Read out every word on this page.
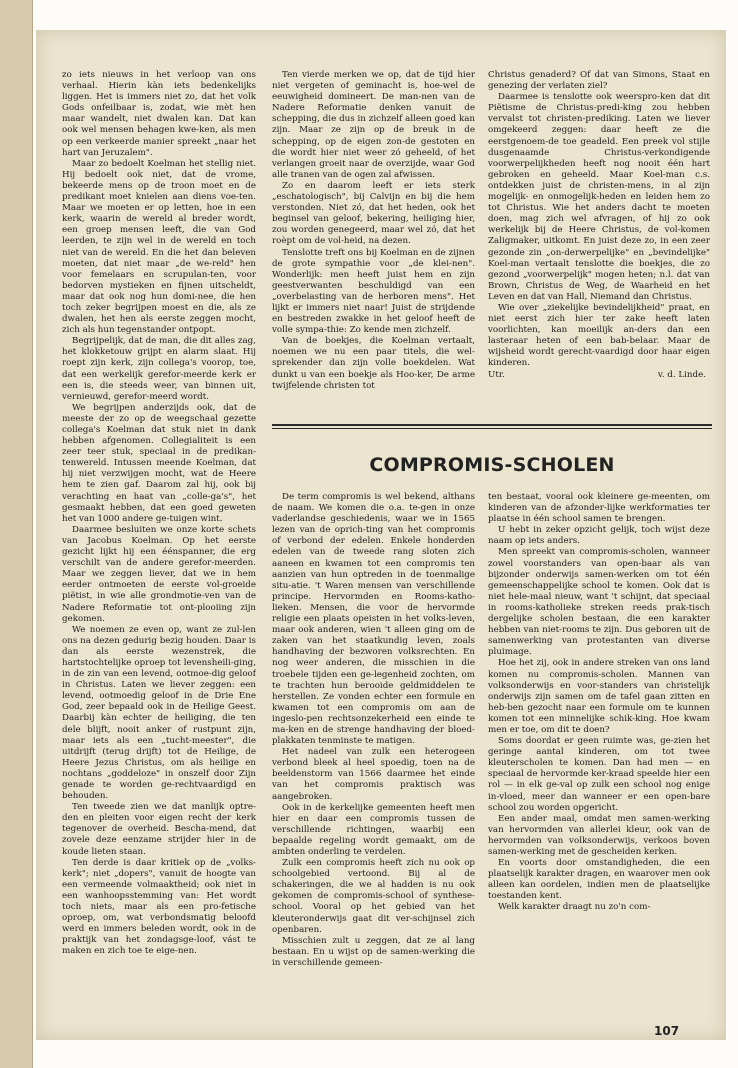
zo iets nieuws in het verloop van ons verhaal. Hierin kàn iets bedenkelijks liggen. Het is immers niet zo, dat het volk Gods onfeilbaar is, zodat, wie mèt hen maar wandelt, niet dwalen kan. Dat kan ook wel mensen behagen kwe-ken, als men op een verkeerde manier spreekt „naar het hart van Jeruzalem".

Maar zo bedoelt Koelman het stellig niet. Hij bedoelt ook niet, dat de vrome, bekeerde mens op de troon moet en de predikant moet knielen aan diens voe-ten. Maar we moeten er op letten, hoe in een kerk, waarin de wereld al breder wordt, een groep mensen leeft, die van God leerden, te zijn wel in de wereld en toch niet van de wereld. En die het dan beleven moeten, dat niet maar „de we-reld" hen voor femelaars en scrupulan-ten, voor bedorven mystieken en fijnen uitscheldt, maar dat ook nog hun domi-nee, die hen toch zeker begrijpen moest en die, als ze dwalen, het hen als eerste zeggen mocht, zich als hun tegenstander ontpopt.

Begrijpelijk, dat de man, die dit alles zag, het klokketouw grijpt en alarm slaat. Hij roept zijn kerk, zijn collega's voorop, toe, dat een werkelijk gerefor-meerde kerk er een is, die steeds weer, van binnen uit, vernieuwd, gerefor-meerd wordt.

We begrijpen anderzijds ook, dat de meeste der zo op de weegschaal gezette collega's Koelman dat stuk niet in dank hebben afgenomen. Collegialiteit is een zeer teer stuk, speciaal in de predikan-tenwereld. Intussen meende Koelman, dat hij niet verzwijgen mocht, wat de Heere hem te zien gaf. Daarom zal hij, ook bij verachting en haat van „colle-ga's", het gesmaakt hebben, dat een goed geweten het van 1000 andere ge-tuigen wint.

Daarmee besluiten we onze korte schets van Jacobus Koelman. Op het eerste gezicht lijkt hij een éénspanner, die erg verschilt van de andere gerefor-meerden. Maar we zeggen liever, dat we in hem eerder ontmoeten de eerste vol-groeide piëtist, in wie alle grondmotie-ven van de Nadere Reformatie tot ont-plooiing zijn gekomen.

We noemen ze even op, want ze zul-len ons na dezen gedurig bezig houden. Daar is dan als eerste wezenstrek, die hartstochtelijke oproep tot levensheili-ging, in de zin van een levend, ootmoe-dig geloof in Christus. Laten we liever zeggen: een levend, ootmoedig geloof in de Drie Ene God, zeer bepaald ook in de Heilige Geest. Daarbij kàn echter de heiliging, die ten dele blijft, nooit anker of rustpunt zijn, maar iets als een „tucht-meester", die uitdrijft (terug drijft) tot de Heilige, de Heere Jezus Christus, om als heilige en nochtans „goddeloze" in onszelf door Zijn genade te worden ge-rechtvaardigd en behouden.

Ten tweede zien we dat manlijk optre-den en pleiten voor eigen recht der kerk tegenover de overheid. Bescha-mend, dat zovele deze eenzame strijder hier in de koude lieten staan.

Ten derde is daar kritiek op de „volks-kerk"; niet „dopers", vanuit de hoogte van een vermeende volmaaktheid; ook niet in een wanhoopsstemming van: Het wordt toch niets, maar als een pro-fetische oproep, om, wat verbondsmatig beloofd werd en immers beleden wordt, ook in de praktijk van het zondagsge-loof, vást te maken en zich toe te eige-nen.

Ten vierde merken we op, dat de tijd hier niet vergeten of geminacht is, hoe-wel de eeuwigheid domineert. De man-nen van de Nadere Reformatie denken vanuit de schepping, die dus in zichzelf alleen goed kan zijn. Maar ze zijn op de breuk in de schepping, op de eigen zon-de gestoten en die wordt hier niet weer zó geheeld, of het verlangen groeit naar de overzijde, waar God alle tranen van de ogen zal afwissen.

Zo en daarom leeft er iets sterk „eschatologisch", bij Calvijn en bij die hem verstonden. Niet zó, dat het heden, ook het beginsel van geloof, bekering, heiliging hier, zou worden genegeerd, maar wel zó, dat het roèpt om de vol-heid, na dezen.

Tenslotte treft ons bij Koelman en de zijnen de grote sympathie voor „de klei-nen". Wonderlijk: men heeft juist hem en zijn geestverwanten beschuldigd van een „overbelasting van de herboren mens". Het lijkt er immers niet naar! Juist de strijdende en bestreden zwakke in het geloof heeft de volle sympa-thie: Zo kende men zichzelf.

Van de boekjes, die Koelman vertaalt, noemen we nu een paar titels, die wel-sprekender dan zijn volle boekdelen. Wat dunkt u van een boekje als Hoo-ker, De arme twijfelende christen tot

Christus genaderd? Of dat van Simons, Staat en genezing der verlaten ziel?

Daarmee is tenslotte ook weerspro-ken dat dit Piëtisme de Christus-predi-king zou hebben vervalst tot christen-prediking. Laten we liever omgekeerd zeggen: daar heeft ze die eerstgenoem-de toe geadeld. Een preek vol stijle dusgenaamde Christus-verkondigende voorwerpelijkheden heeft nog nooit één hart gebroken en geheeld. Maar Koel-man c.s. ontdekken juist de christen-mens, in al zijn mogelijk- en onmogelijk-heden en leiden hem zo tot Christus. Wie het anders dacht te moeten doen, mag zich wel afvragen, of hij zo ook werkelijk bij de Heere Christus, de vol-komen Zaligmaker, uitkomt. En juist deze zo, in een zeer gezonde zin „on-derwerpelijke" en „bevindelijke" Koel-man vertaalt tenslotte die boekjes, die zo gezond „voorwerpelijk" mogen heten; n.l. dat van Brown, Christus de Weg, de Waarheid en het Leven en dat van Hall, Niemand dan Christus.

Wie over „ziekelijke bevindelijkheid" praat, en niet eerst zich hier ter zake heeft laten voorlichten, kan moeilijk an-ders dan een lasteraar heten of een bab-belaar. Maar de wijsheid wordt gerecht-vaardigd door haar eigen kinderen.

Utr.	v. d. Linde.
COMPROMIS-SCHOLEN

De term compromis is wel bekend, althans de naam. We komen die o.a. te-gen in onze vaderlandse geschiedenis, waar we in 1565 lezen van de oprich-ting van het compromis of verbond der edelen. Enkele honderden edelen van de tweede rang sloten zich aaneen en kwamen tot een compromis ten aanzien van hun optreden in de toenmalige situ-atie. 't Waren mensen van verschillende principe. Hervormden en Rooms-katho-lieken. Mensen, die voor de hervormde religie een plaats opeisten in het volks-leven, maar ook anderen, wien 't alleen ging om de zaken van het staatkundig leven, zoals handhaving der bezworen volksrechten. En nog weer anderen, die misschien in die troebele tijden een ge-legenheid zochten, om te trachten hun berooide geldmiddelen te herstellen. Ze vonden echter een formule en kwamen tot een compromis om aan de ingeslo-pen rechtsonzekerheid een einde te ma-ken en de strenge handhaving der bloed-plakkaten tenminste te matigen.

Het nadeel van zulk een heterogeen verbond bleek al heel spoedig, toen na de beeldenstorm van 1566 daarmee het einde van het compromis praktisch was aangebroken.

Ook in de kerkelijke gemeenten heeft men hier en daar een compromis tussen de verschillende richtingen, waarbij een bepaalde regeling wordt gemaakt, om de ambten onderling te verdelen.

Zulk een compromis heeft zich nu ook op schoolgebied vertoond. Bij al de schakeringen, die we al hadden is nu ook gekomen de compromis-school of synthese-school. Vooral op het gebied van het kleuteronderwijs gaat dit ver-schijnsel zich openbaren.

Misschien zult u zeggen, dat ze al lang bestaan. En u wijst op de samen-werking die in verschillende gemeen-

ten bestaat, vooral ook kleinere ge-meenten, om kinderen van de afzonder-lijke werkformaties ter plaatse in één school samen te brengen.

U hebt in zeker opzicht gelijk, toch wijst deze naam op iets anders.

Men spreekt van compromis-scholen, wanneer zowel voorstanders van open-baar als van bijzonder onderwijs samen-werken om tot één gemeenschappelijke school te komen. Ook dat is niet hele-maal nieuw, want 't schijnt, dat speciaal in rooms-katholieke streken reeds prak-tisch dergelijke scholen bestaan, die een karakter hebben van niet-rooms te zijn. Dus geboren uit de samenwerking van protestanten van diverse pluimage.

Hoe het zij, ook in andere streken van ons land komen nu compromis-scholen. Mannen van volksonderwijs en voor-standers van christelijk onderwijs zijn samen om de tafel gaan zitten en heb-ben gezocht naar een formule om te kunnen komen tot een minnelijke schik-king. Hoe kwam men er toe, om dit te doen?

Soms doordat er geen ruimte was, ge-zien het geringe aantal kinderen, om tot twee kleuterscholen te komen. Dan had men — en speciaal de hervormde ker-kraad speelde hier een rol — in elk ge-val op zulk een school nog enige in-vloed, meer dan wanneer er een open-bare school zou worden opgericht.

Een ander maal, omdat men samen-werking van hervormden van allerlei kleur, ook van de hervormden van volksonderwijs, verkoos boven samen-werking met de gescheiden kerken.

En voorts door omstandigheden, die een plaatselijk karakter dragen, en waarover men ook alleen kan oordelen, indien men de plaatselijke toestanden kent.

Welk karakter draagt nu zo'n com-

107
